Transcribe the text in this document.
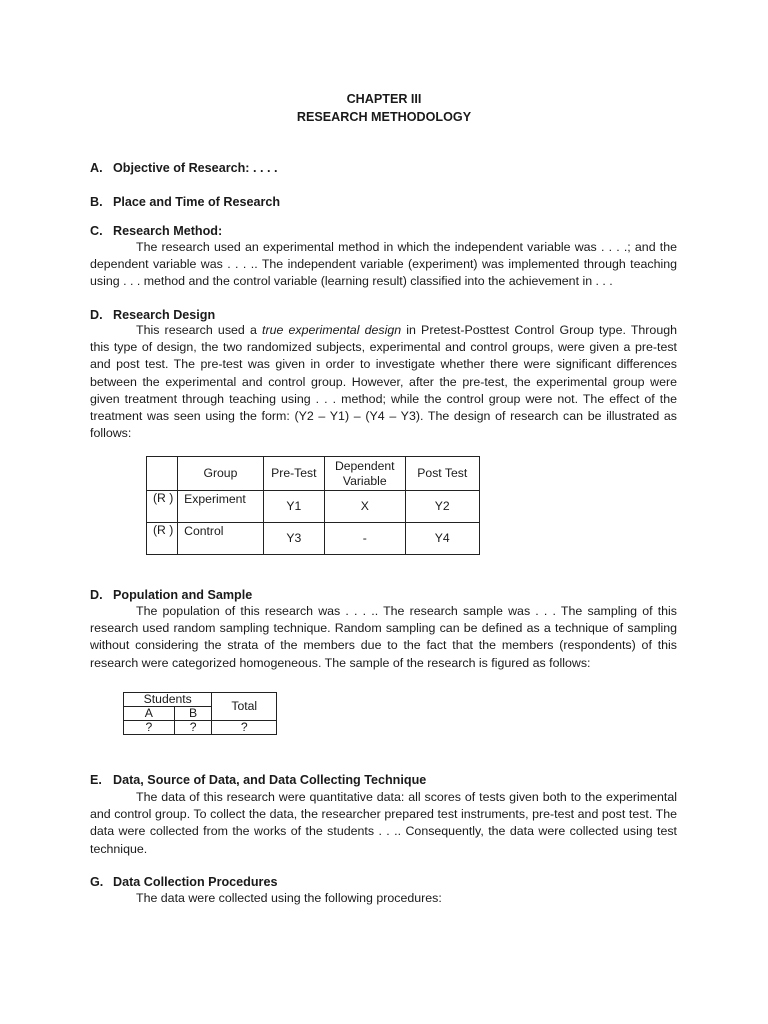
CHAPTER III
RESEARCH METHODOLOGY
A. Objective of Research: . . . .
B. Place and Time of Research
C. Research Method:

The research used an experimental method in which the independent variable was . . . .; and the dependent variable was . . . .. The independent variable (experiment) was implemented through teaching using . . . method and the control variable (learning result) classified into the achievement in . . .

D. Research Design

This research used a true experimental design in Pretest-Posttest Control Group type. Through this type of design, the two randomized subjects, experimental and control groups, were given a pre-test and post test. The pre-test was given in order to investigate whether there were significant differences between the experimental and control group. However, after the pre-test, the experimental group were given treatment through teaching using . . . method; while the control group were not. The effect of the treatment was seen using the form: (Y2 – Y1) – (Y4 – Y3). The design of research can be illustrated as follows:

	Group	Pre-Test	Dependent Variable	Post Test
(R )	Experiment	Y1	X	Y2
(R )	Control	Y3	-	Y4
D. Population and Sample

The population of this research was . . . .. The research sample was . . . The sampling of this research used random sampling technique. Random sampling can be defined as a technique of sampling without considering the strata of the members due to the fact that the members (respondents) of this research were categorized homogeneous. The sample of the research is figured as follows:

Students		Total
A	B	
?	?	?
E. Data, Source of Data, and Data Collecting Technique

The data of this research were quantitative data: all scores of tests given both to the experimental and control group. To collect the data, the researcher prepared test instruments, pre-test and post test. The data were collected from the works of the students . . .. Consequently, the data were collected using test technique.

G. Data Collection Procedures

The data were collected using the following procedures:
